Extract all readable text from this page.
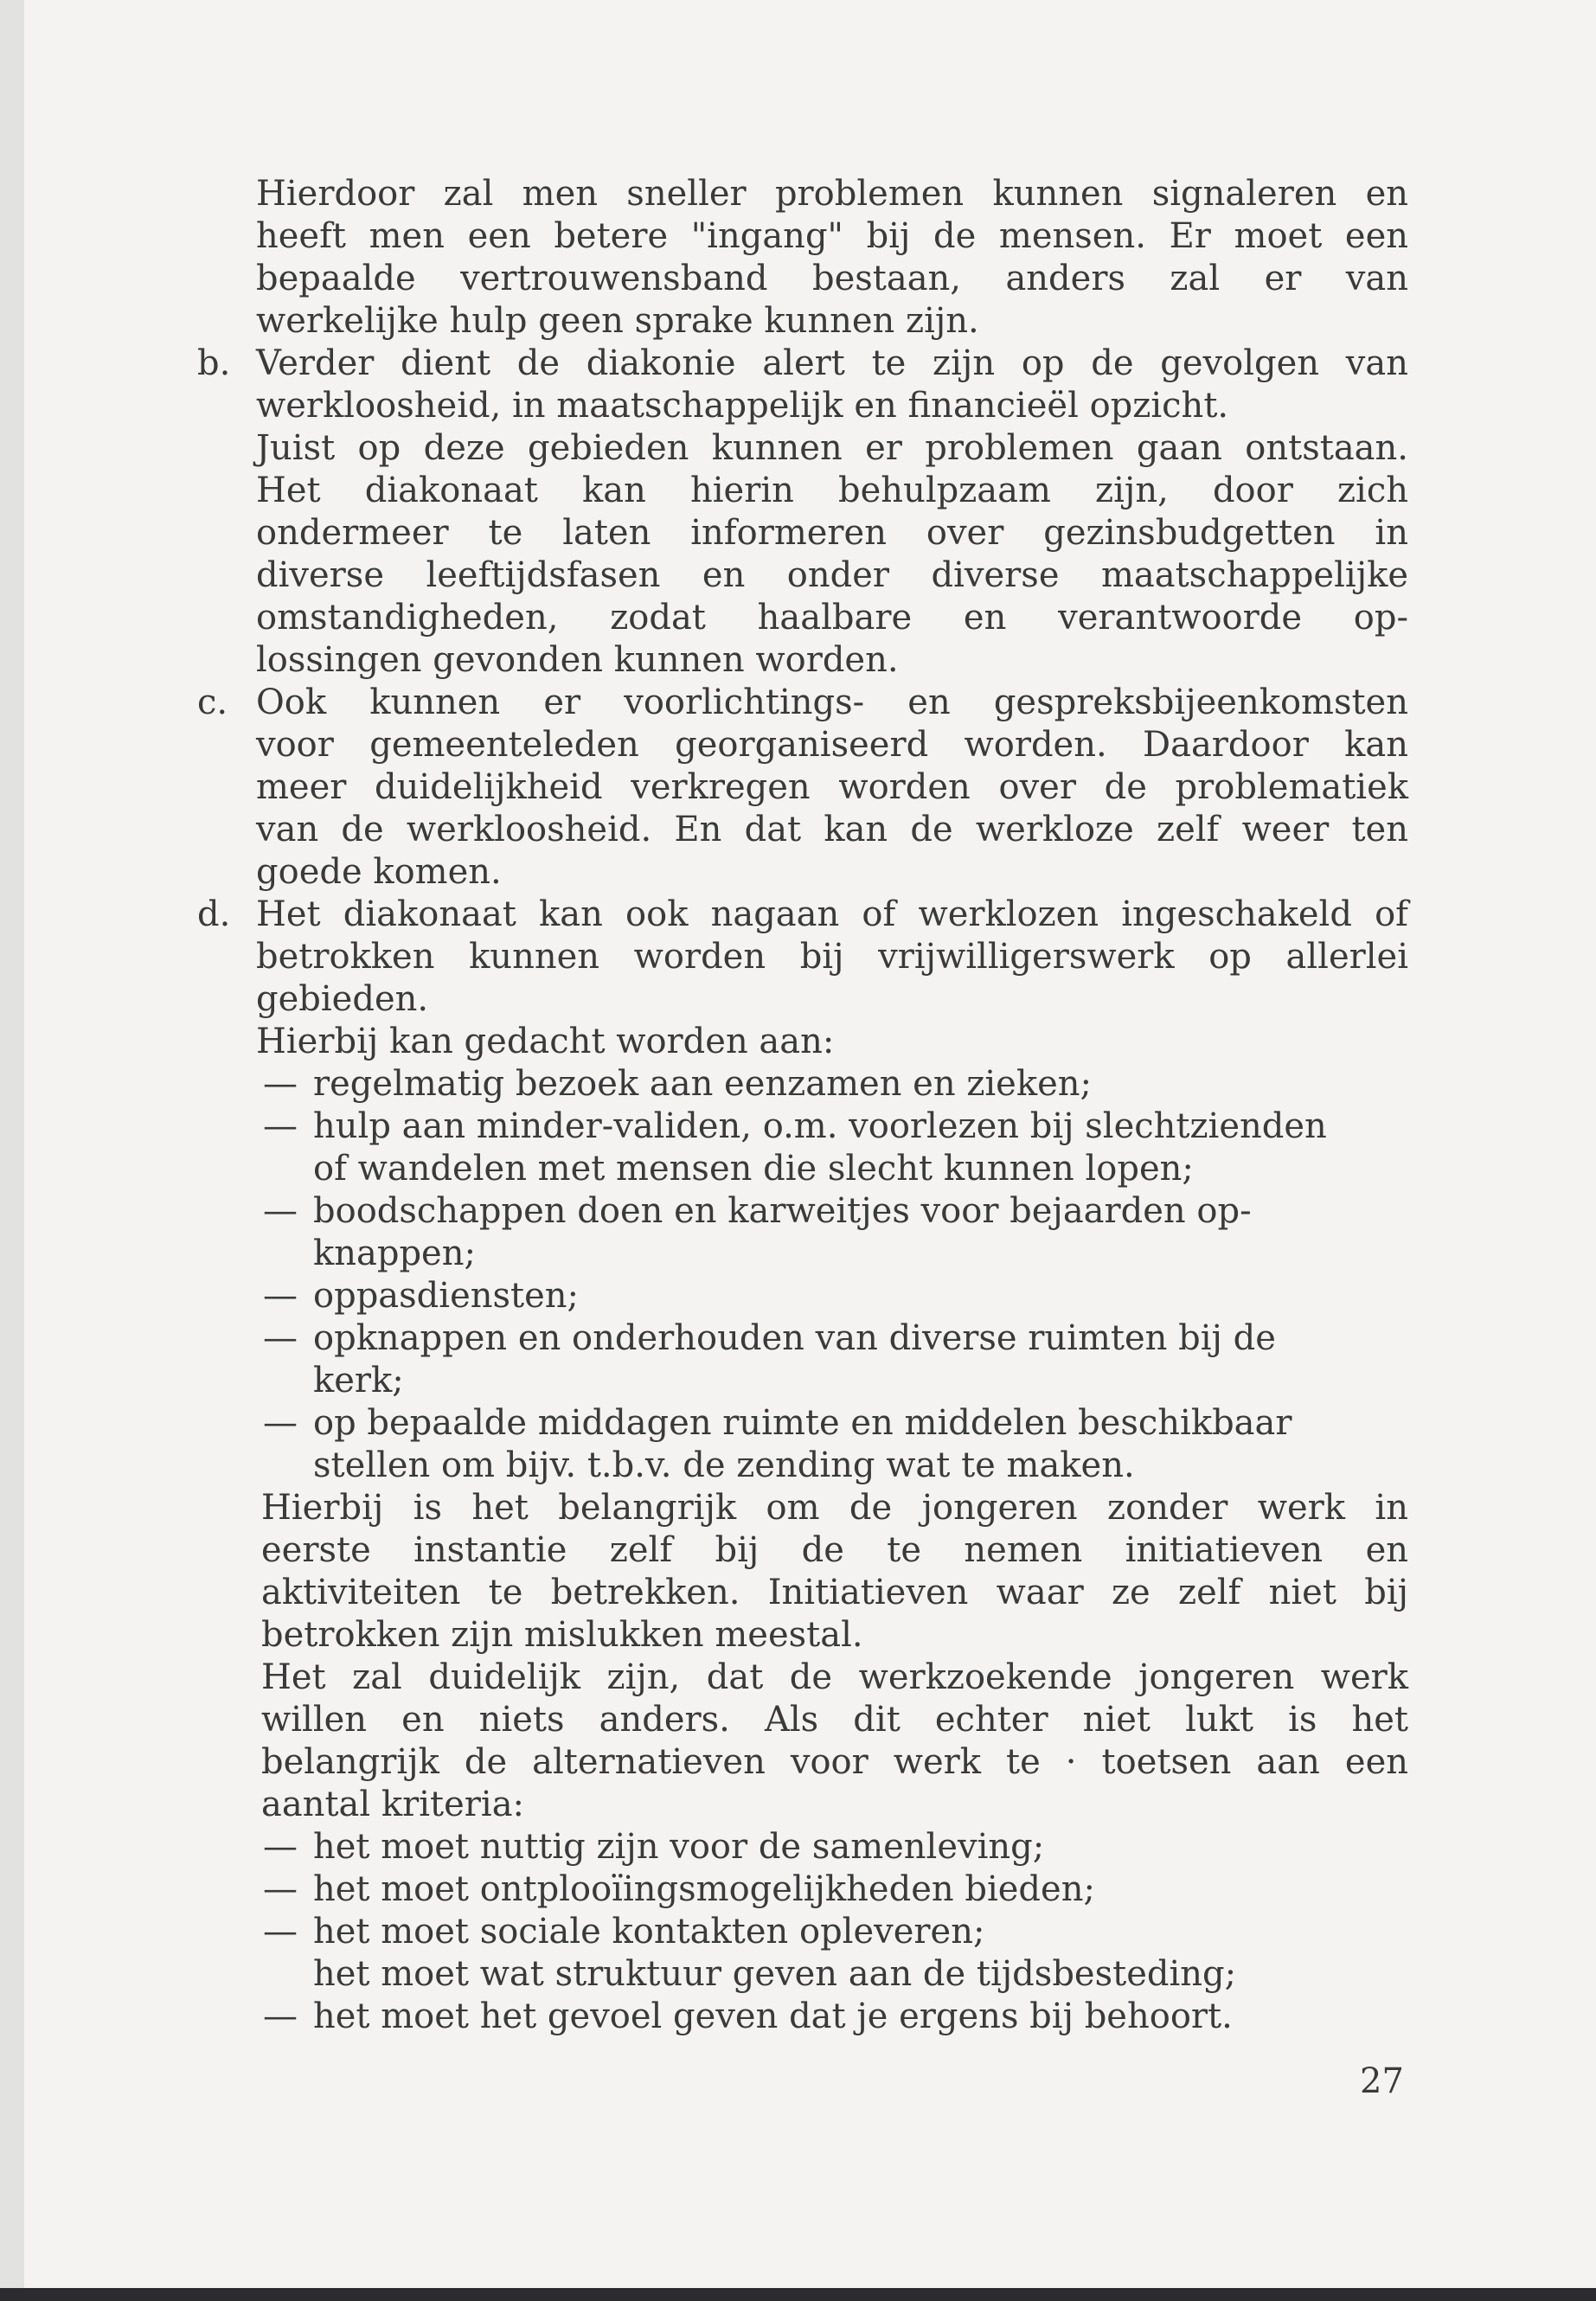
Hierdoor zal men sneller problemen kunnen signaleren en
heeft men een betere "ingang" bij de mensen. Er moet een
bepaalde vertrouwensband bestaan, anders zal er van
werkelijke hulp geen sprake kunnen zijn.
b. Verder dient de diakonie alert te zijn op de gevolgen van
werkloosheid, in maatschappelijk en financieël opzicht.
Juist op deze gebieden kunnen er problemen gaan ontstaan.
Het diakonaat kan hierin behulpzaam zijn, door zich
ondermeer te laten informeren over gezinsbudgetten in
diverse leeftijdsfasen en onder diverse maatschappelijke
omstandigheden, zodat haalbare en verantwoorde op-
lossingen gevonden kunnen worden.
c. Ook kunnen er voorlichtings- en gespreksbijeenkomsten
voor gemeenteleden georganiseerd worden. Daardoor kan
meer duidelijkheid verkregen worden over de problematiek
van de werkloosheid. En dat kan de werkloze zelf weer ten
goede komen.
d. Het diakonaat kan ook nagaan of werklozen ingeschakeld of
betrokken kunnen worden bij vrijwilligerswerk op allerlei
gebieden.
Hierbij kan gedacht worden aan:
— regelmatig bezoek aan eenzamen en zieken;
— hulp aan minder-validen, o.m. voorlezen bij slechtzienden
of wandelen met mensen die slecht kunnen lopen;
— boodschappen doen en karweitjes voor bejaarden op-
knappen;
— oppasdiensten;
— opknappen en onderhouden van diverse ruimten bij de
kerk;
— op bepaalde middagen ruimte en middelen beschikbaar
stellen om bijv. t.b.v. de zending wat te maken.
Hierbij is het belangrijk om de jongeren zonder werk in
eerste instantie zelf bij de te nemen initiatieven en
aktiviteiten te betrekken. Initiatieven waar ze zelf niet bij
betrokken zijn mislukken meestal.
Het zal duidelijk zijn, dat de werkzoekende jongeren werk
willen en niets anders. Als dit echter niet lukt is het
belangrijk de alternatieven voor werk te · toetsen aan een
aantal kriteria:
— het moet nuttig zijn voor de samenleving;
— het moet ontplooïingsmogelijkheden bieden;
— het moet sociale kontakten opleveren;
het moet wat struktuur geven aan de tijdsbesteding;
— het moet het gevoel geven dat je ergens bij behoort.
27
